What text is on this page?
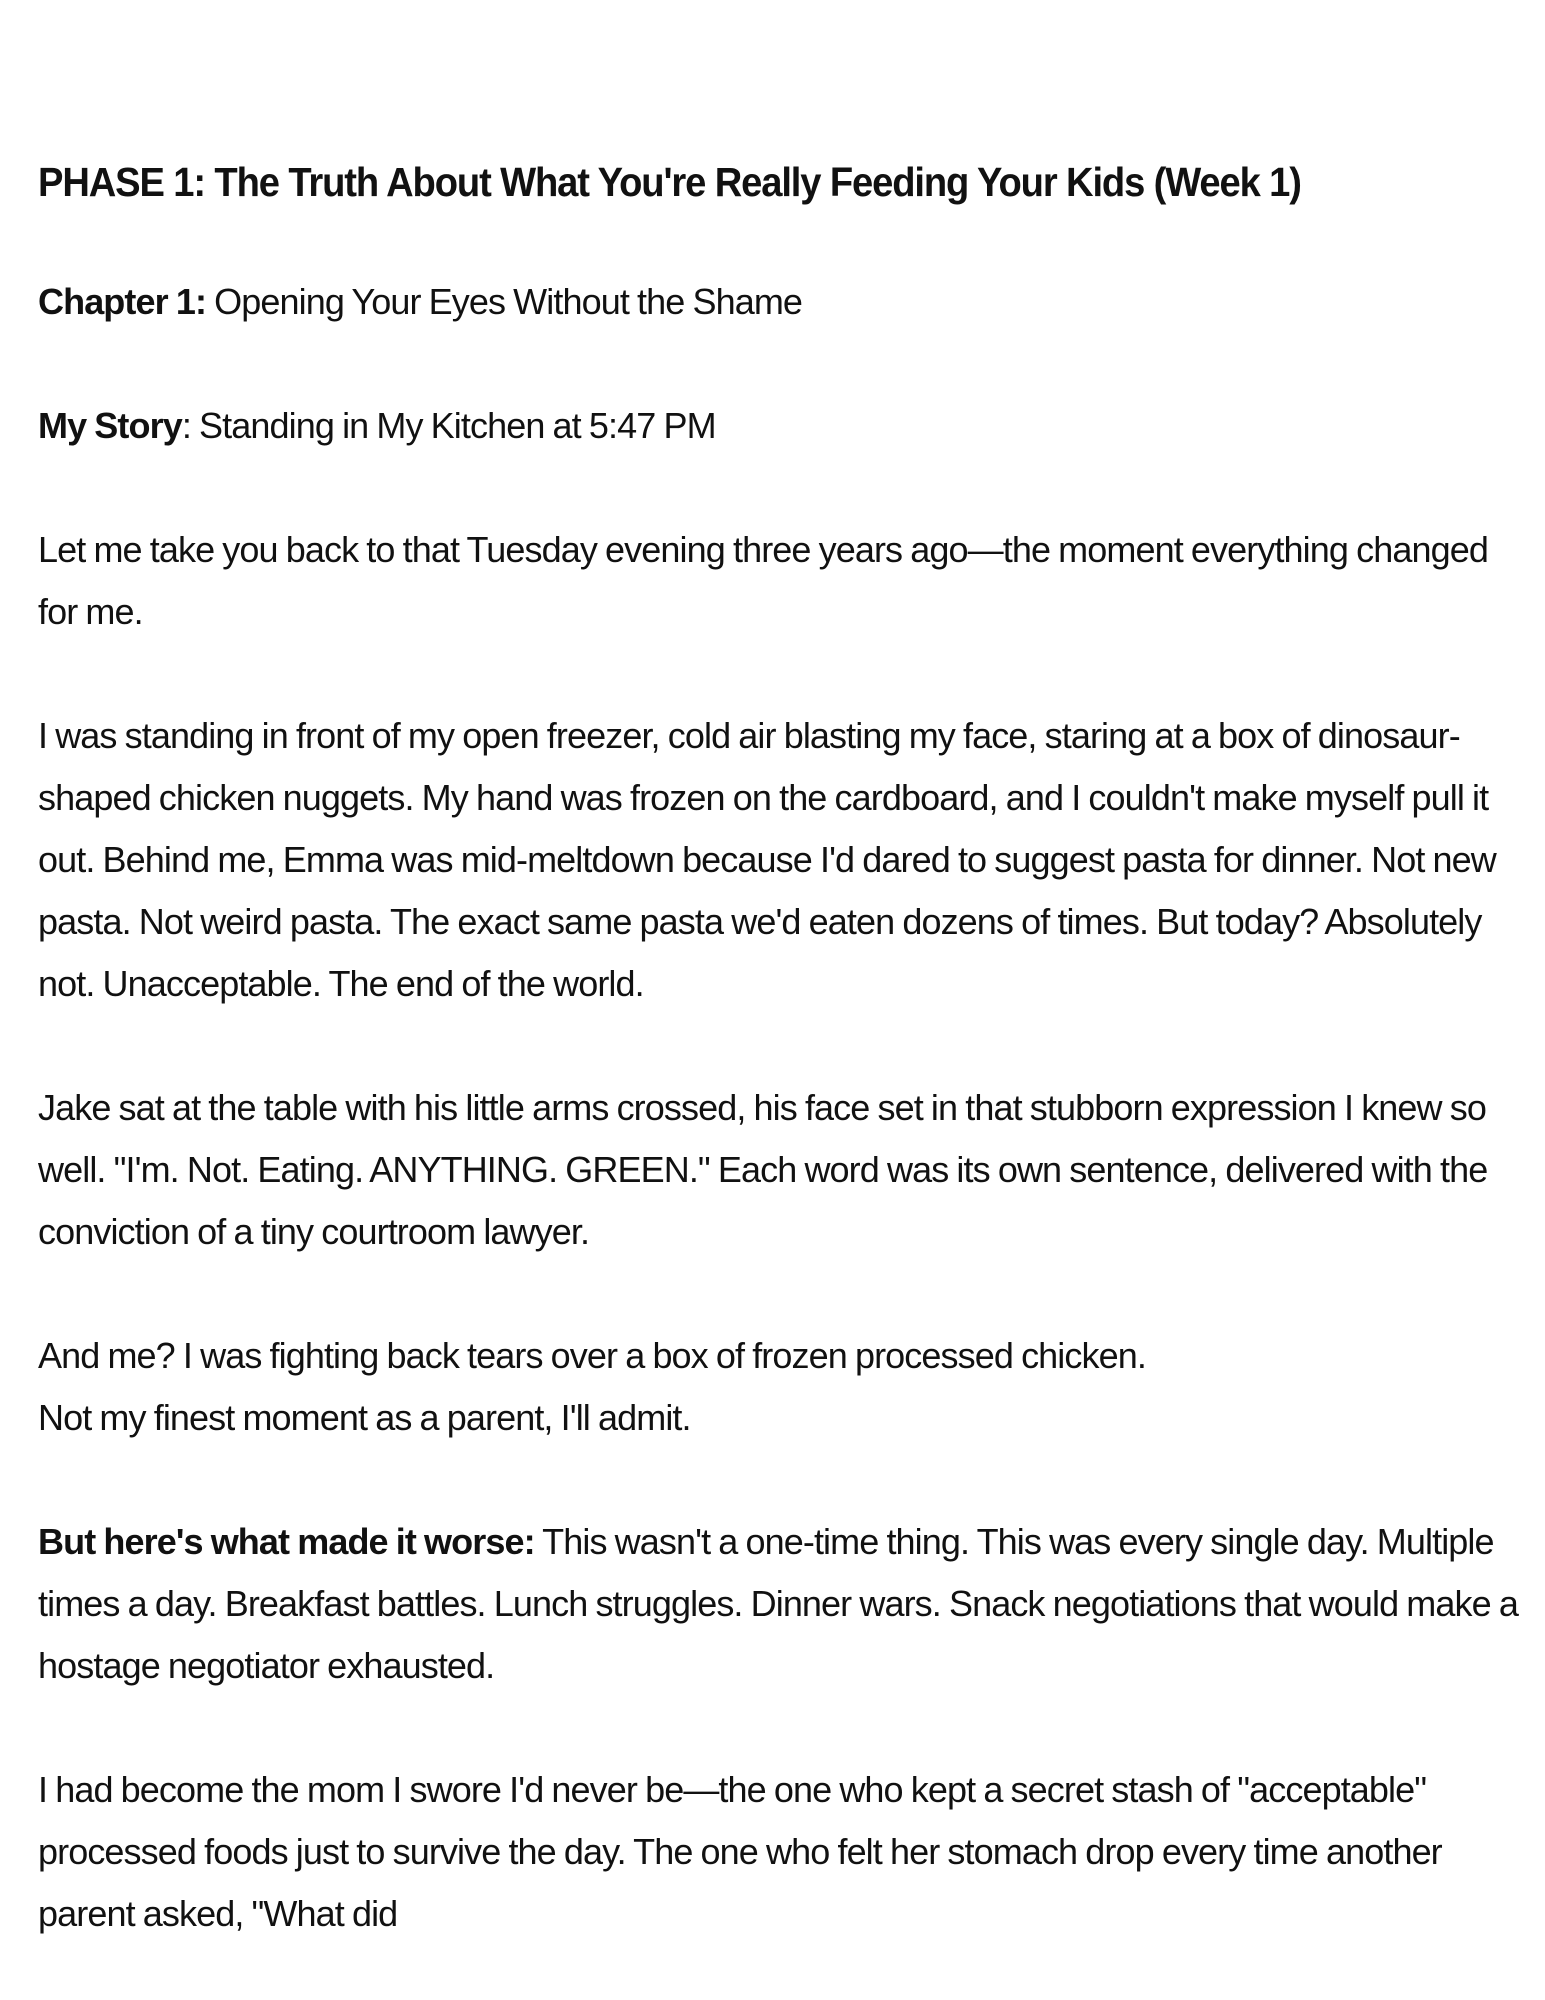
PHASE 1: The Truth About What You're Really Feeding Your Kids (Week 1)

Chapter 1: Opening Your Eyes Without the Shame

My Story: Standing in My Kitchen at 5:47 PM

Let me take you back to that Tuesday evening three years ago—the moment everything changed for me.

I was standing in front of my open freezer, cold air blasting my face, staring at a box of dinosaur-shaped chicken nuggets. My hand was frozen on the cardboard, and I couldn't make myself pull it out. Behind me, Emma was mid-meltdown because I'd dared to suggest pasta for dinner. Not new pasta. Not weird pasta. The exact same pasta we'd eaten dozens of times. But today? Absolutely not. Unacceptable. The end of the world.

Jake sat at the table with his little arms crossed, his face set in that stubborn expression I knew so well. "I'm. Not. Eating. ANYTHING. GREEN." Each word was its own sentence, delivered with the conviction of a tiny courtroom lawyer.

And me? I was fighting back tears over a box of frozen processed chicken.
Not my finest moment as a parent, I'll admit.

But here's what made it worse: This wasn't a one-time thing. This was every single day. Multiple times a day. Breakfast battles. Lunch struggles. Dinner wars. Snack negotiations that would make a hostage negotiator exhausted.

I had become the mom I swore I'd never be—the one who kept a secret stash of "acceptable" processed foods just to survive the day. The one who felt her stomach drop every time another parent asked, "What did
